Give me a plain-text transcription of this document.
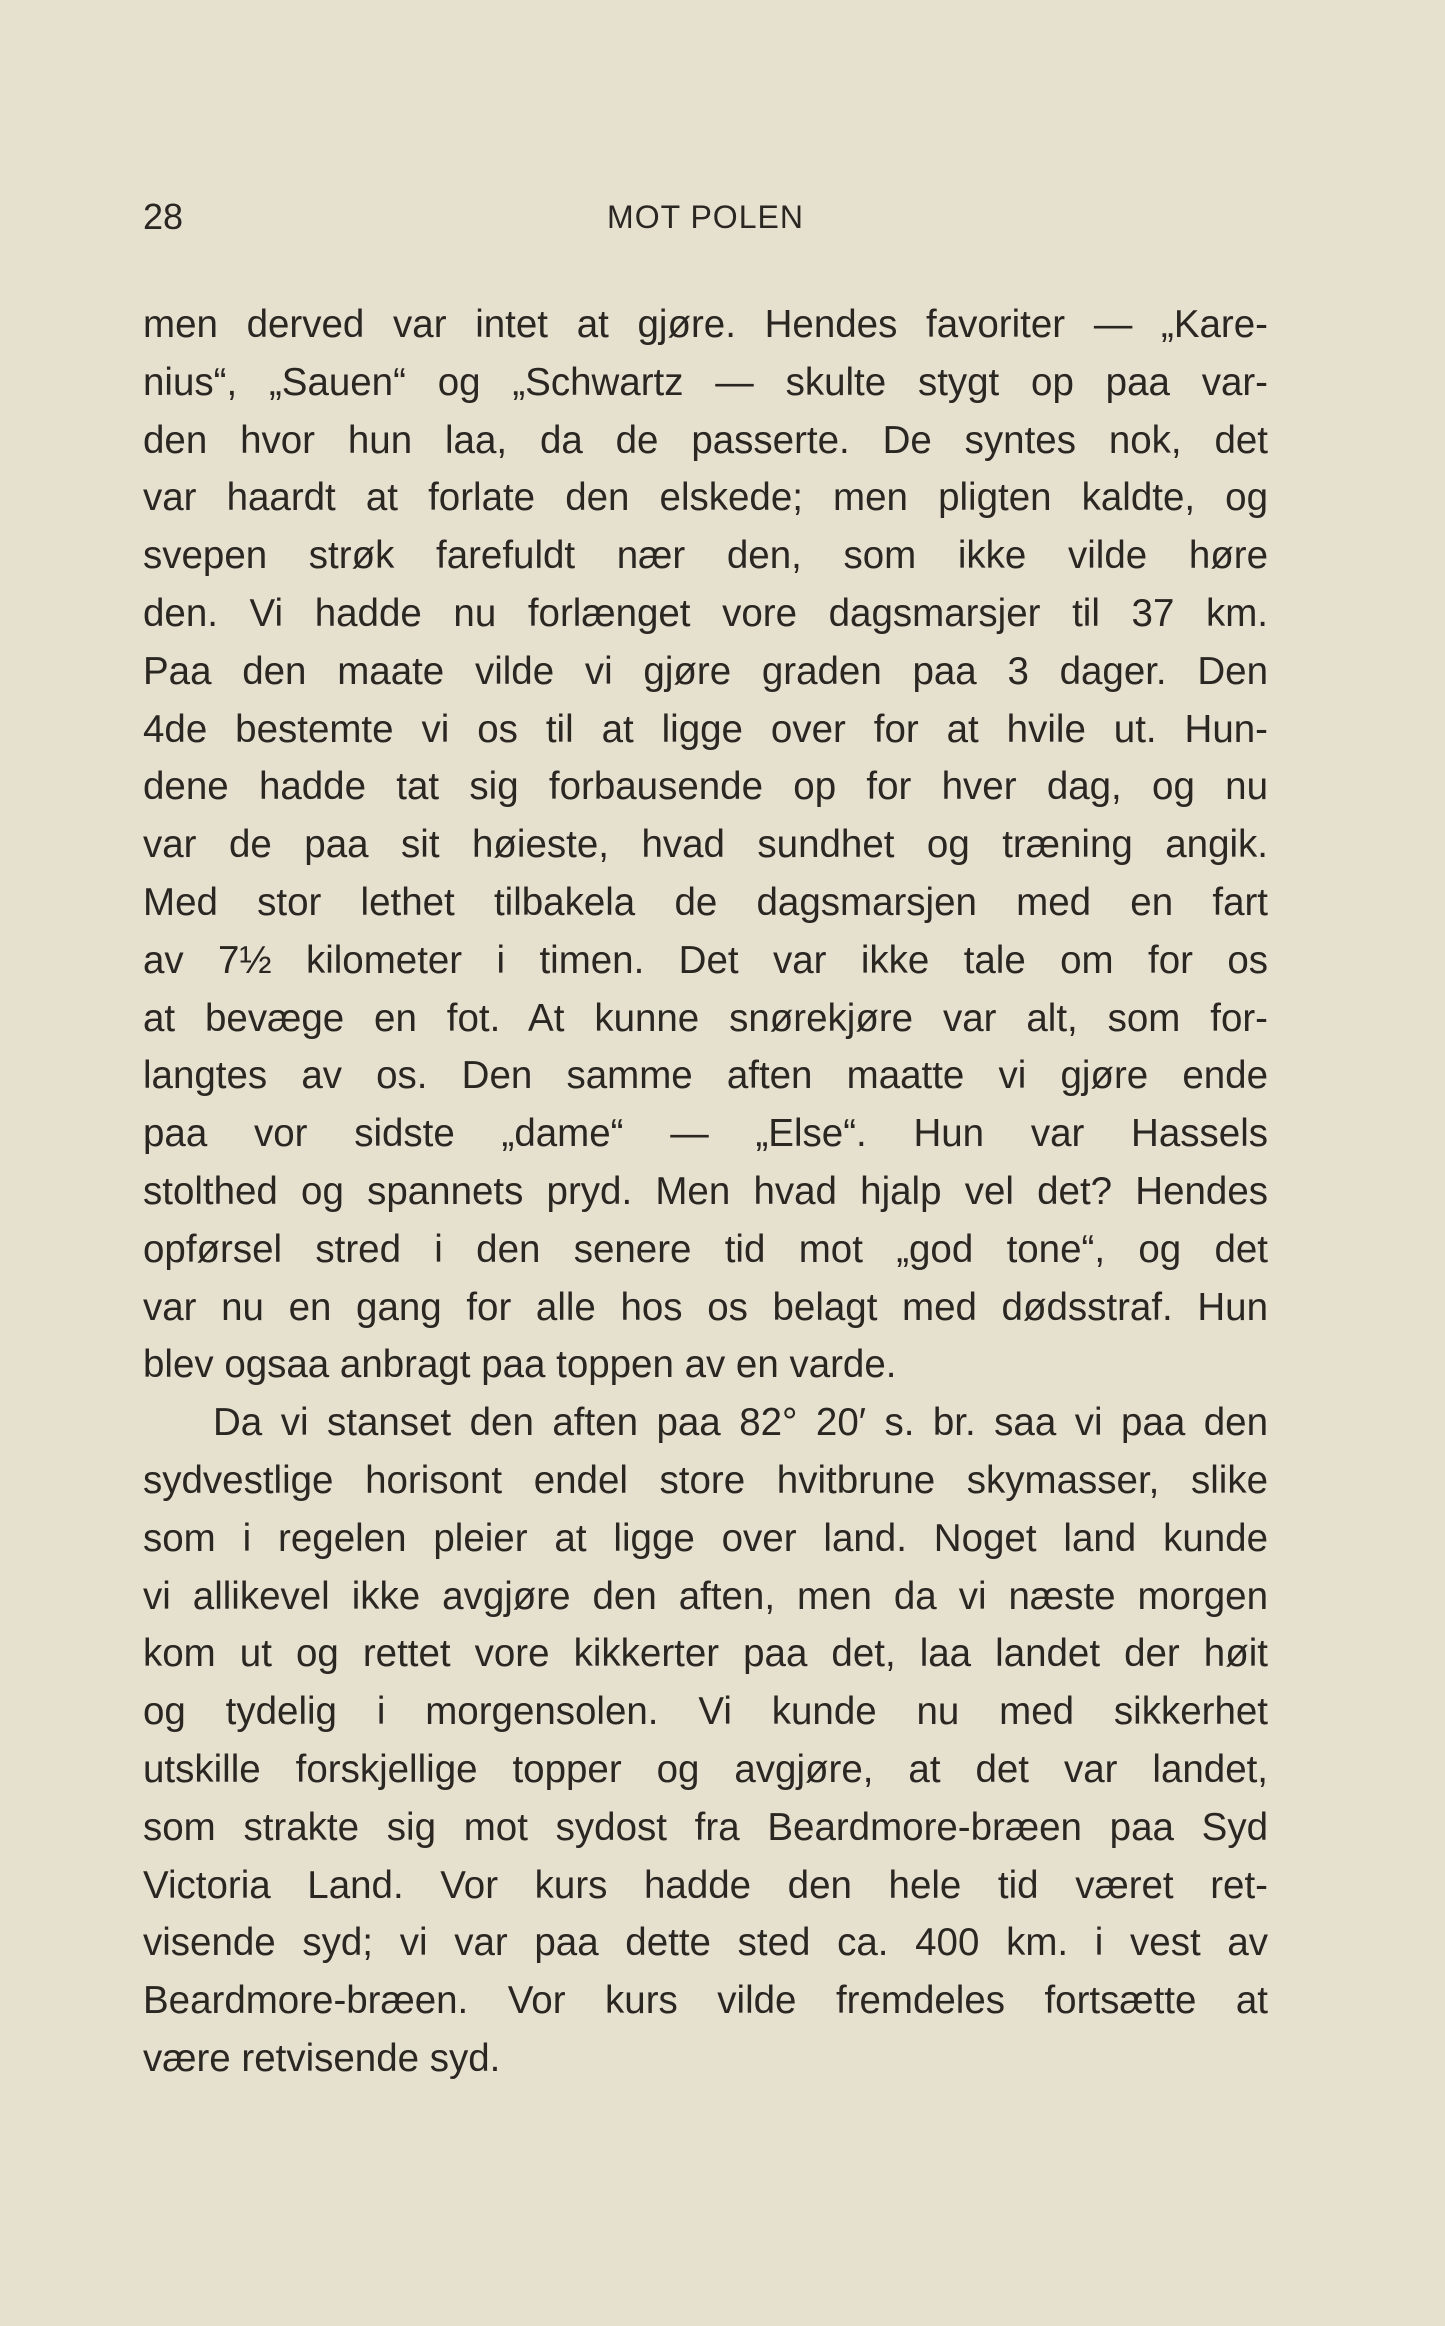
28	MOT POLEN
men derved var intet at gjøre. Hendes favoriter — „Kare-
nius“, „Sauen“ og „Schwartz — skulte stygt op paa var-
den hvor hun laa, da de passerte. De syntes nok, det
var haardt at forlate den elskede; men pligten kaldte, og
svepen strøk farefuldt nær den, som ikke vilde høre
den. Vi hadde nu forlænget vore dagsmarsjer til 37 km.
Paa den maate vilde vi gjøre graden paa 3 dager. Den
4de bestemte vi os til at ligge over for at hvile ut. Hun-
dene hadde tat sig forbausende op for hver dag, og nu
var de paa sit høieste, hvad sundhet og træning angik.
Med stor lethet tilbakela de dagsmarsjen med en fart
av 7½ kilometer i timen. Det var ikke tale om for os
at bevæge en fot. At kunne snørekjøre var alt, som for-
langtes av os. Den samme aften maatte vi gjøre ende
paa vor sidste „dame“ — „Else“. Hun var Hassels
stolthed og spannets pryd. Men hvad hjalp vel det? Hendes
opførsel stred i den senere tid mot „god tone“, og det
var nu en gang for alle hos os belagt med dødsstraf. Hun
blev ogsaa anbragt paa toppen av en varde.
Da vi stanset den aften paa 82° 20′ s. br. saa vi paa den
sydvestlige horisont endel store hvitbrune skymasser, slike
som i regelen pleier at ligge over land. Noget land kunde
vi allikevel ikke avgjøre den aften, men da vi næste morgen
kom ut og rettet vore kikkerter paa det, laa landet der høit
og tydelig i morgensolen. Vi kunde nu med sikkerhet
utskille forskjellige topper og avgjøre, at det var landet,
som strakte sig mot sydost fra Beardmore-bræen paa Syd
Victoria Land. Vor kurs hadde den hele tid været ret-
visende syd; vi var paa dette sted ca. 400 km. i vest av
Beardmore-bræen. Vor kurs vilde fremdeles fortsætte at
være retvisende syd.
